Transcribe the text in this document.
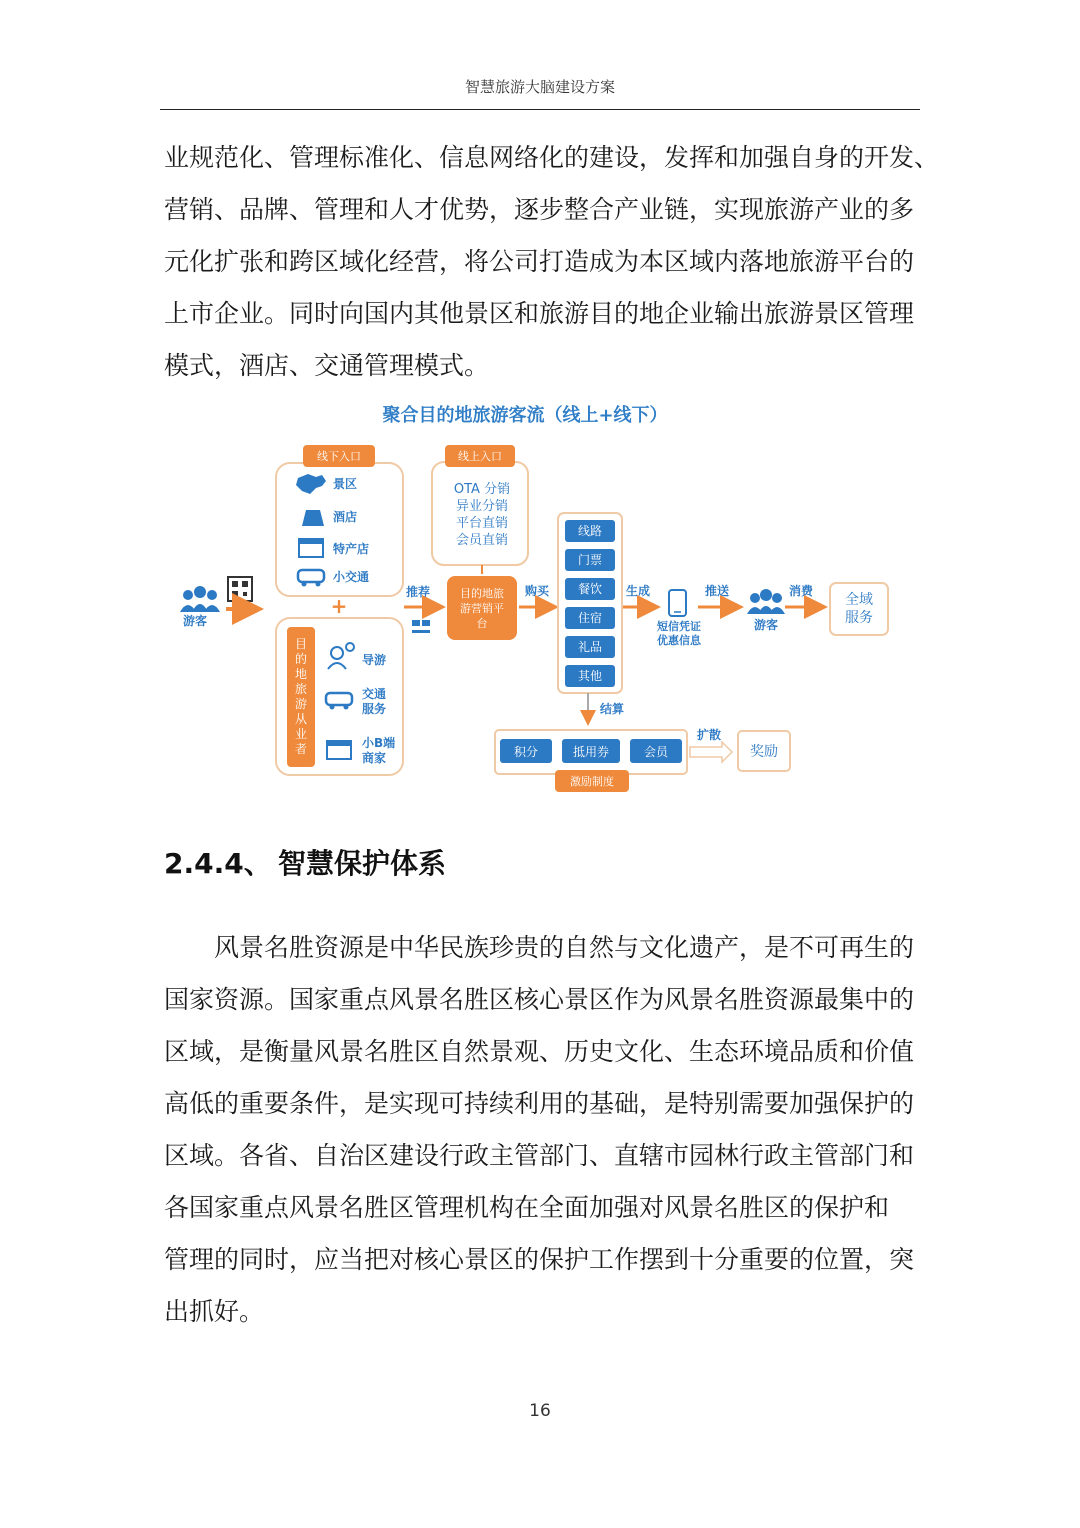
智慧旅游大脑建设方案
业规范化、管理标准化、信息网络化的建设，发挥和加强自身的开发、
营销、品牌、管理和人才优势，逐步整合产业链，实现旅游产业的多
元化扩张和跨区域化经营，将公司打造成为本区域内落地旅游平台的
上市企业。同时向国内其他景区和旅游目的地企业输出旅游景区管理
模式，酒店、交通管理模式。
聚合目的地旅游客流（线上+线下）
游客
线下入口
景区
酒店
特产店
小交通
+
目
的
地
旅
游
从
业
者
导游
交通
服务
小B端
商家
推荐
线上入口
OTA 分销
异业分销
平台直销
会员直销
目的地旅
游营销平
台
购买
线路
门票
餐饮
住宿
礼品
其他
生成
短信凭证
优惠信息
推送
游客
消费
全域
服务
结算
积分	抵用券	会员
激励制度
扩散
奖励
2.4.4、 智慧保护体系
风景名胜资源是中华民族珍贵的自然与文化遗产，是不可再生的
国家资源。国家重点风景名胜区核心景区作为风景名胜资源最集中的
区域，是衡量风景名胜区自然景观、历史文化、生态环境品质和价值
高低的重要条件，是实现可持续利用的基础，是特别需要加强保护的
区域。各省、自治区建设行政主管部门、直辖市园林行政主管部门和
各国家重点风景名胜区管理机构在全面加强对风景名胜区的保护和
管理的同时，应当把对核心景区的保护工作摆到十分重要的位置，突
出抓好。
16
